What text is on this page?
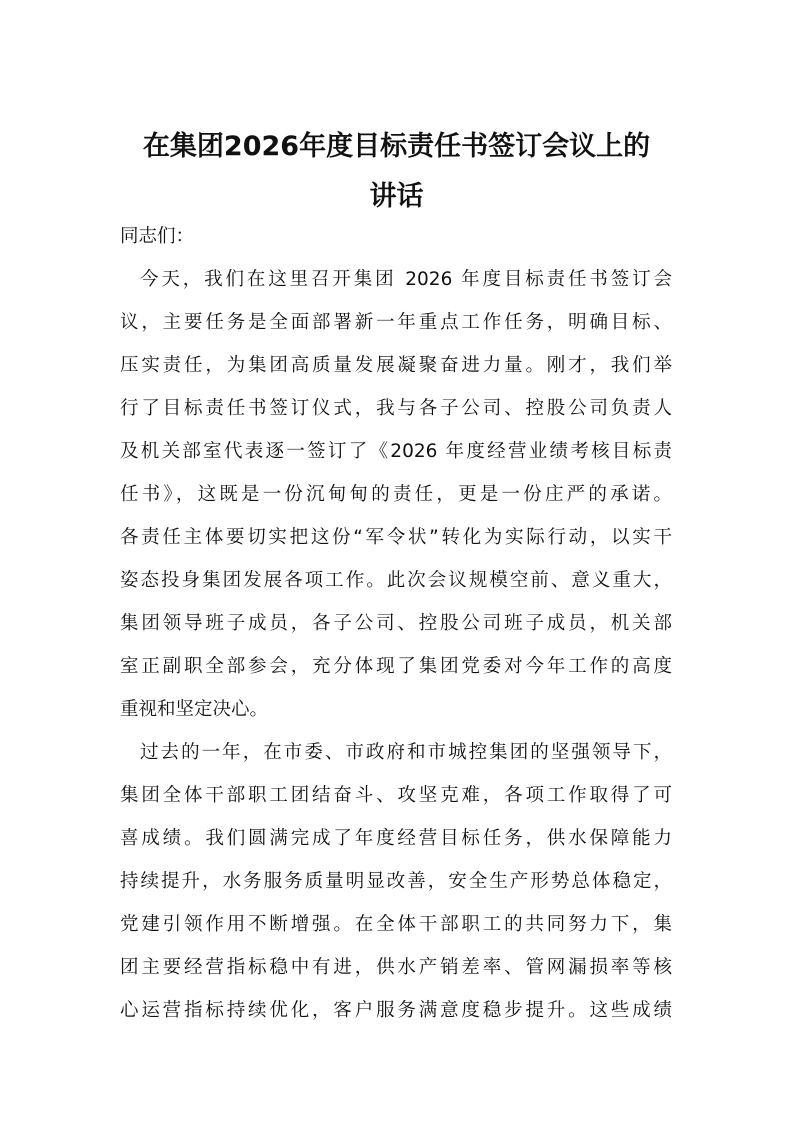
在集团2026年度目标责任书签订会议上的
讲话
同志们：
今天，我们在这里召开集团 2026 年度目标责任书签订会
议，主要任务是全面部署新一年重点工作任务，明确目标、
压实责任，为集团高质量发展凝聚奋进力量。刚才，我们举
行了目标责任书签订仪式，我与各子公司、控股公司负责人
及机关部室代表逐一签订了《2026 年度经营业绩考核目标责
任书》，这既是一份沉甸甸的责任，更是一份庄严的承诺。
各责任主体要切实把这份“军令状”转化为实际行动，以实干
姿态投身集团发展各项工作。此次会议规模空前、意义重大，
集团领导班子成员，各子公司、控股公司班子成员，机关部
室正副职全部参会，充分体现了集团党委对今年工作的高度
重视和坚定决心。
过去的一年，在市委、市政府和市城控集团的坚强领导下，
集团全体干部职工团结奋斗、攻坚克难，各项工作取得了可
喜成绩。我们圆满完成了年度经营目标任务，供水保障能力
持续提升，水务服务质量明显改善，安全生产形势总体稳定，
党建引领作用不断增强。在全体干部职工的共同努力下，集
团主要经营指标稳中有进，供水产销差率、管网漏损率等核
心运营指标持续优化，客户服务满意度稳步提升。这些成绩
